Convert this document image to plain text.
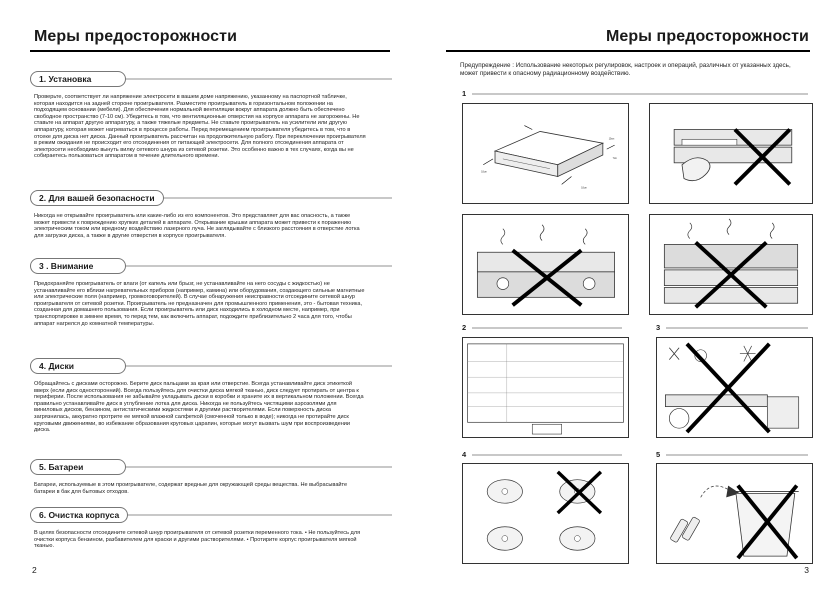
Меры предосторожности
1. Установка
Проверьте, соответствует ли напряжение электросети в вашем доме напряжению, указанному на паспортной табличке, которая находится на задней стороне проигрывателя. Разместите проигрыватель в горизонтальном положении на подходящем основании (мебели). Для обеспечения нормальной вентиляции вокруг аппарата должно быть обеспечено свободное пространство (7-10 см). Убедитесь в том, что вентиляционные отверстия на корпусе аппарата не загорожены. Не ставьте на аппарат другую аппаратуру, а также тяжелые предметы. Не ставьте проигрыватель на усилители или другую аппаратуру, которая может нагреваться в процессе работы. Перед перемещением проигрывателя убедитесь в том, что в отсеке для диска нет диска. Данный проигрыватель рассчитан на продолжительную работу. При переключении проигрывателя в режим ожидания не происходит его отсоединения от питающей электросети. Для полного отсоединения аппарата от электросети необходимо вынуть вилку сетевого шнура из сетевой розетки. Это особенно важно в тех случаях, когда вы не собираетесь пользоваться аппаратом в течение длительного времени.
2. Для вашей безопасности
Никогда не открывайте проигрыватель или какие-либо из его компонентов. Это представляет для вас опасность, а также может привести к повреждению хрупких деталей в аппарате. Открывание крышки аппарата может привести к поражению электрическим током или вредному воздействию лазерного луча. Не заглядывайте с близкого расстояния в отверстие лотка для загрузки диска, а также в другие отверстия в корпусе проигрывателя.
3 . Внимание
Предохраняйте проигрыватель от влаги (от капель или брызг, не устанавливайте на него сосуды с жидкостью) не устанавливайте его вблизи нагревательных приборов (например, камина) или оборудования, создающего сильные магнитные или электрические поля (например, громкоговорителей). В случае обнаружения неисправности отсоедините сетевой шнур проигрывателя от сетевой розетки. Проигрыватель не предназначен для промышленного применения, это - бытовая техника, созданная для домашнего пользования. Если проигрыватель или диск находились в холодном месте, например, при транспортировке в зимнее время, то перед тем, как включить аппарат, подождите приблизительно 2 часа для того, чтобы аппарат нагрелся до комнатной температуры.
4. Диски
Обращайтесь с дисками осторожно. Берите диск пальцами за края или отверстие. Всегда устанавливайте диск этикеткой вверх (если диск односторонний). Всегда пользуйтесь для очистки диска мягкой тканью, диск следует протирать от центра к периферии. После использования не забывайте укладывать диски в коробки и храните их в вертикальном положении. Всегда правильно устанавливайте диск в углубление лотка для диска. Никогда не пользуйтесь чистящими аэрозолями для виниловых дисков, бензином, антистатическими жидкостями и другими растворителями. Если поверхность диска загрязнилась, аккуратно протрите ее мягкой влажной салфеткой (смоченной только в воде); никогда не протирайте диск круговыми движениями, во избежание образования круговых царапин, которые могут вызвать шум при воспроизведении диска.
5. Батареи
Батареи, используемые в этом проигрывателе, содержат вредные для окружающей среды вещества. Не выбрасывайте батареи в бак для бытовых отходов.
6. Очистка корпуса
В целях безопасности отсоедините сетевой шнур проигрывателя от сетевой розетки переменного тока. • Не пользуйтесь для очистки корпуса бензином, разбавителем для краски и другими растворителями. • Протирите корпус проигрывателя мягкой тканью.
2
Меры предосторожности
Предупреждение : Использование некоторых регулировок, настроек и операций, различных от указанных здесь, может привести к опасному радиационному воздействию.
1
10cm
10cm
10cm
7cm
2	3
4	5
3
